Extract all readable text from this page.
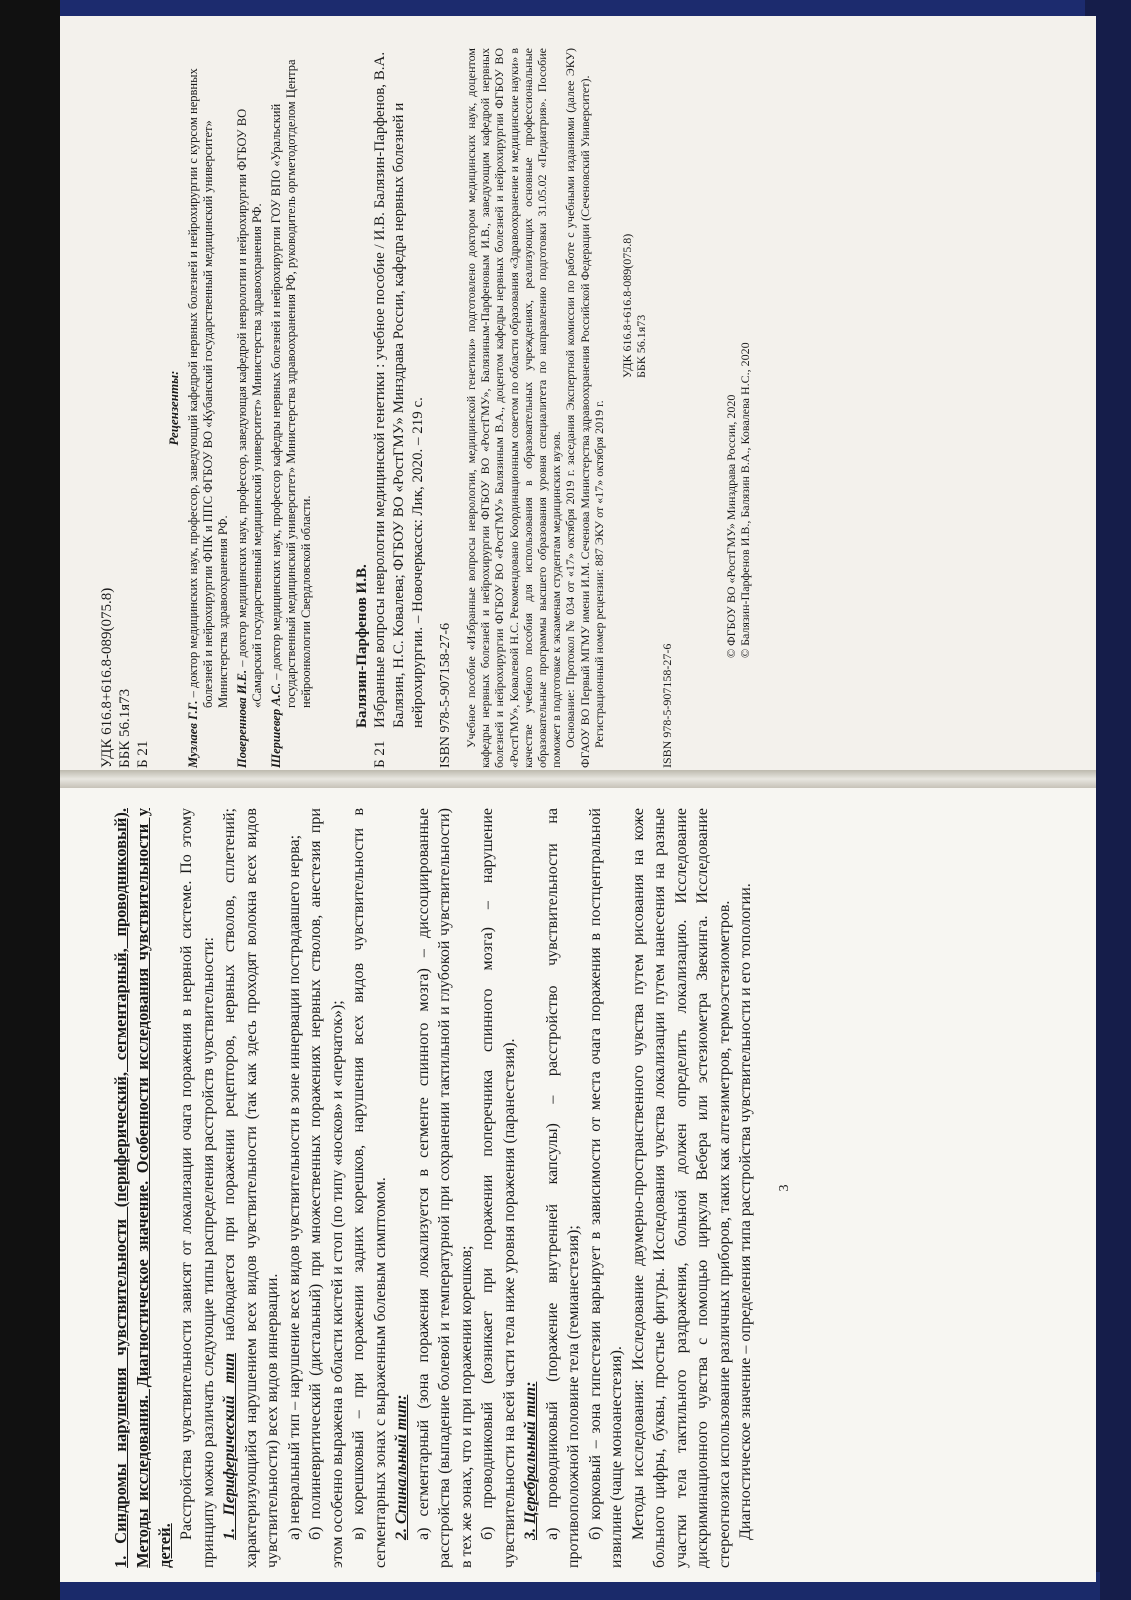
УДК 616.8+616.8-089(075.8) ББК 56.1я73 Б 21
Рецензенты:
Музлаев Г.Г. – доктор медицинских наук, профессор, заведующий кафедрой нервных болезней и нейрохирургии с курсом нервных болезней и нейрохирургии ФПК и ППС ФГБОУ ВО «Кубанский государственный медицинский университет» Министерства здравоохранения РФ.
Повереннова И.Е. – доктор медицинских наук, профессор, заведующая кафедрой неврологии и нейрохирургии ФГБОУ ВО «Самарский государственный медицинский университет» Министерства здравоохранения РФ.
Шершевер А.С. – доктор медицинских наук, профессор кафедры нервных болезней и нейрохирургии ГОУ ВПО «Уральский государственный медицинский университет» Министерства здравоохранения РФ, руководитель оргметодотделом Центра нейроонкологии Свердловской области.	Балязин-Парфенов И.В.
Б 21
Избранные вопросы неврологии медицинской генетики : учебное пособие / И.В. Балязин-Парфенов, В.А. Балязин, Н.С. Ковалева; ФГБОУ ВО «РостГМУ» Минздрава России, кафедра нервных болезней и нейрохирургии. – Новочеркасск: Лик, 2020. – 219 с. ISBN 978-5-907158-27-6 Учебное пособие «Избранные вопросы неврологии, медицинской генетики» подготовлено доктором медицинских наук, доцентом кафедры нервных болезней и нейрохирургии ФГБОУ ВО «РостГМУ», Балязиным-Парфеновым И.В., заведующим кафедрой нервных болезней и нейрохирургии ФГБОУ ВО «РостГМУ» Балязиным В.А., доцентом кафедры нервных болезней и нейрохирургии ФГБОУ ВО «РостГМУ», Ковалевой Н.С. Рекомендовано Координационным советом по области образования «Здравоохранение и медицинские науки» в качестве учебного пособия для использования в образовательных учреждениях, реализующих основные профессиональные образовательные программы высшего образования уровня специалитета по направлению подготовки 31.05.02 «Педиатрия». Пособие поможет в подготовке к экзаменам студентам медицинских вузов. Основание: Протокол № 034 от «17» октября 2019 г. заседания Экспертной комиссии по работе с учебными изданиями (далее ЭКУ) ФГАОУ ВО Первый МГМУ имени И.М. Сеченова Министерства здравоохранения Российской Федерации (Сеченовский Университет). Регистрационный номер рецензии: 887 ЭКУ от «17» октября 2019 г.	ISBN 978-5-907158-27-6
УДК 616.8+616.8-089(075.8) ББК 56.1я73
© ФГБОУ ВО «РостГМУ» Минздрава России, 2020 © Балязин-Парфенов И.В., Балязин В.А., Ковалева Н.С., 2020
1. Синдромы нарушения чувствительности (периферический, сегментарный, проводниковый). Методы исследования. Диагностическое значение. Особенности исследования чувствительности у детей.

Расстройства чувствительности зависят от локализации очага поражения в нервной системе. По этому принципу можно различать следующие типы распределения расстройств чувствительности: 1. Периферический тип наблюдается при поражении рецепторов, нервных стволов, сплетений; характеризующийся нарушением всех видов чувствительности (так как здесь проходят волокна всех видов чувствительности) всех видов иннервации. а) невральный тип – нарушение всех видов чувствительности в зоне иннервации пострадавшего нерва; б) полиневритический (дистальный) при множественных поражениях нервных стволов, анестезия при этом особенно выражена в области кистей и стоп (по типу «носков» и «перчаток»); в) корешковый – при поражении задних корешков, нарушения всех видов чувствительности в сегментарных зонах с выраженным болевым симптомом. 2. Спинальный тип: а) сегментарный (зона поражения локализуется в сегменте спинного мозга) – диссоциированные расстройства (выпадение болевой и температурной при сохранении тактильной и глубокой чувствительности) в тех же зонах, что и при поражении корешков; б) проводниковый (возникает при поражении поперечника спинного мозга) – нарушение чувствительности на всей части тела ниже уровня поражения (паранестезия). 3. Церебральный тип: а) проводниковый (поражение внутренней капсулы) – расстройство чувствительности на противоположной половине тела (гемианестезия); б) корковый – зона гипестезии варьирует в зависимости от места очага поражения в постцентральной извилине (чаще моноанестезия). Методы исследования: Исследование двумерно-пространственного чувства путем рисования на коже больного цифры, буквы, простые фигуры. Исследования чувства локализации путем нанесения на разные участки тела тактильного раздражения, больной должен определить локализацию. Исследование дискриминационного чувства с помощью циркуля Вебера или эстезиометра Звекинга. Исследование стереогнозиса использование различных приборов, таких как алтезиметров, термоэстезиометров. Диагностическое значение – определения типа расстройства чувствительности и его топологии. 3
